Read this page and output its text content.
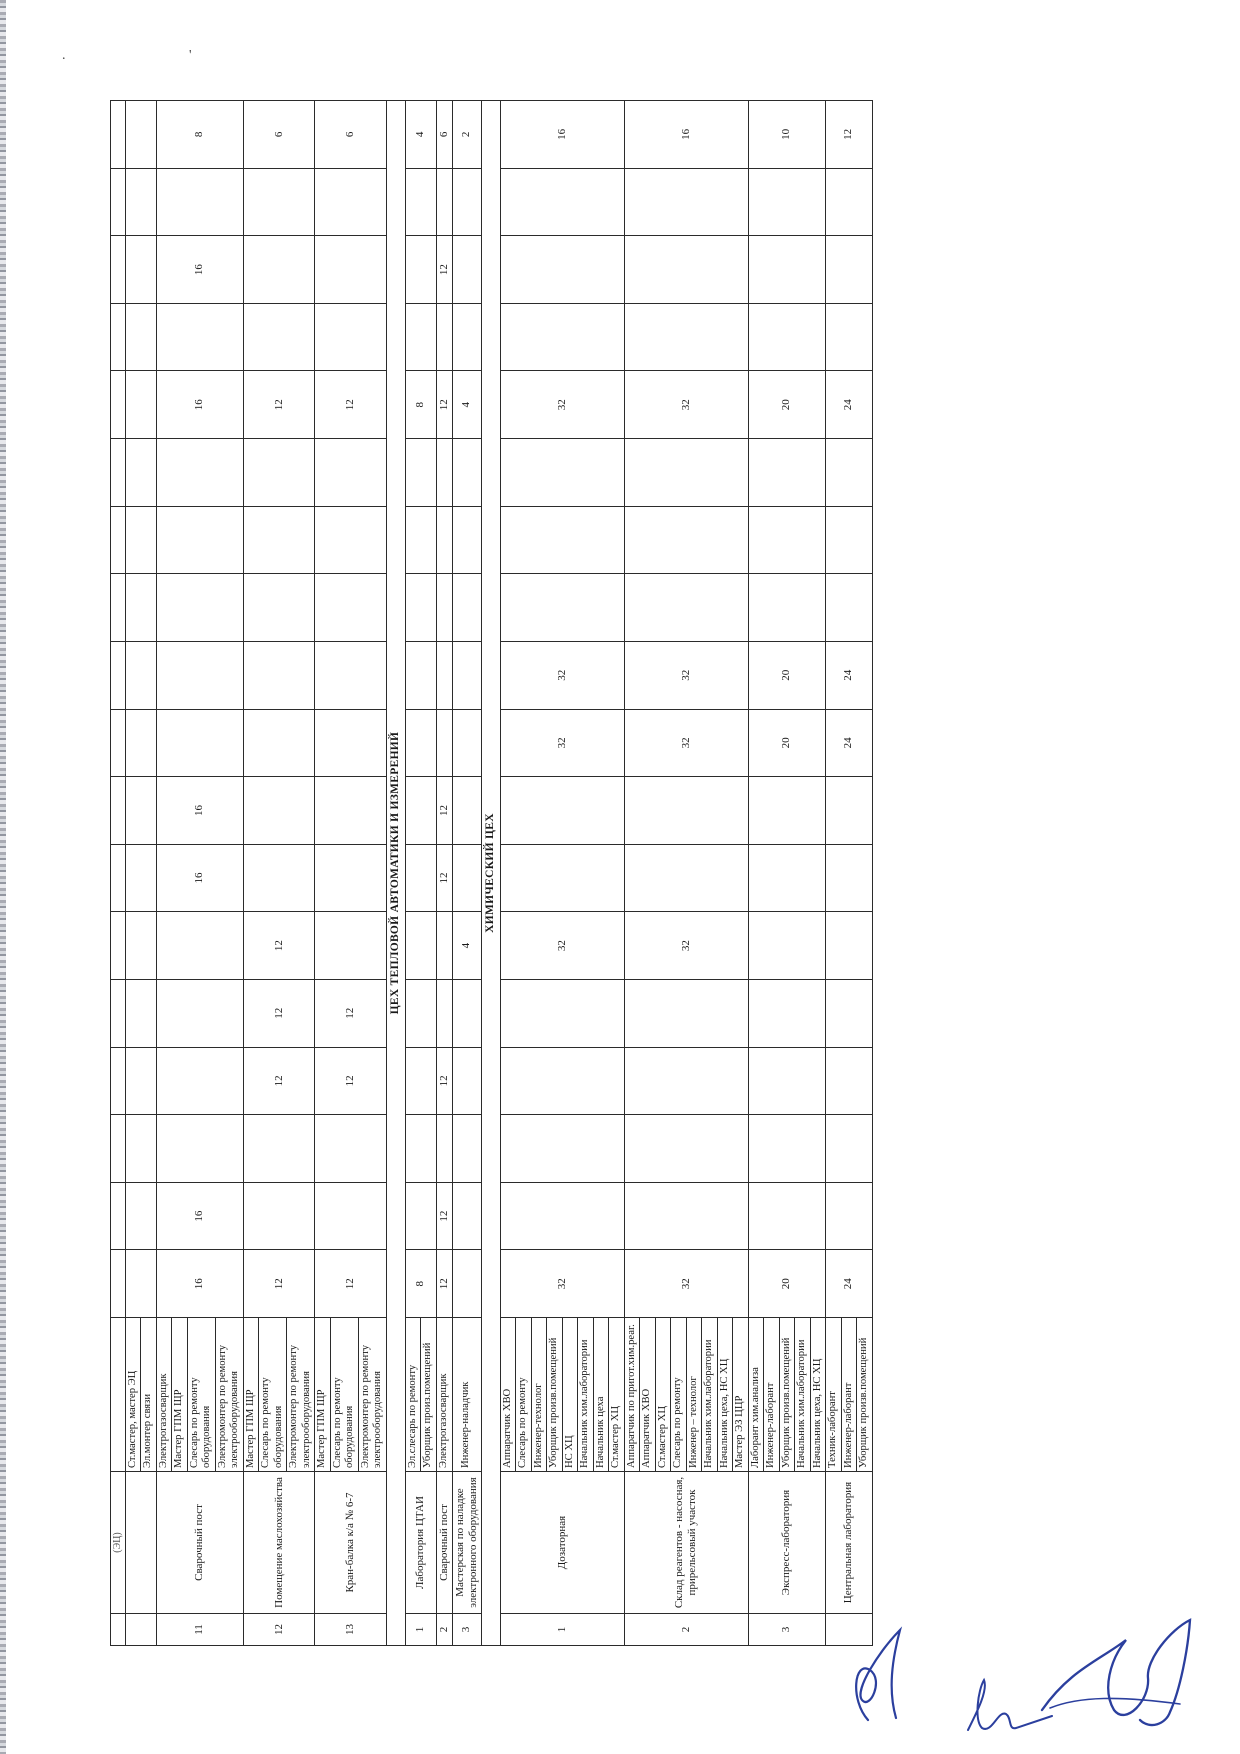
. '
	(ЭЦ)																			
		Ст.мастер, мастер ЭЦ																		
		Эл.монтер связи																		
11	Сварочный пост	Электрогазосварщик	16	16					16	16						16		16		8
		Мастер ГПМ ЩР																		
		Слесарь по ремонту оборудования																		
		Электромонтер по ремонту электрооборудования																		
12	Помещение маслохозяйства	Мастер ГПМ ЩР	12			12	12	12								12				6
		Слесарь по ремонту оборудования																		
		Электромонтер по ремонту электрооборудования																		
13	Кран-балка к/а № 6-7	Мастер ГПМ ЩР	12			12	12									12				6
		Слесарь по ремонту оборудования																		
		Электромонтер по ремонту электрооборудования																		
ЦЕХ ТЕПЛОВОЙ АВТОМАТИКИ И ИЗМЕРЕНИЙ																				
1	Лаборатория ЦТАИ	Эл.слесарь по ремонту	8													8				4
		Уборщик произ.помещений																		
2	Сварочный пост	Электрогазосварщик	12	12		12			12	12						12		12		6
3	Мастерская по наладке электронного оборудования	Инженер-наладчик						4								4				2
ХИМИЧЕСКИЙ ЦЕХ																				
1	Дозаторная	Аппаратчик ХВО	32					32			32	32				32				16
		Слесарь по ремонту																		
		Инженер-технолог																		
		Уборщик произв.помещений																		
		НС ХЦ																		
		Начальник хим.лаборатории																		
		Начальник цеха																		
		Ст.мастер ХЦ																		
2	Склад реагентов - насосная, прирельсовый участок	Аппаратчик по пригот.хим.реаг.	32					32			32	32				32				16
		Аппаратчик ХВО																		
		Ст.мастер ХЦ																		
		Слесарь по ремонту																		
		Инженер – технолог																		
		Начальник хим.лаборатории																		
		Начальник цеха, НС ХЦ																		
		Мастер ЭЗ ЦЦР																		
3	Экспресс-лаборатория	Лаборант хим.анализа	20								20	20				20				10
		Инженер-лаборант																		
		Уборщик произв.помещений																		
		Начальник хим.лаборатории																		
		Начальник цеха, НС ХЦ																		
	Центральная лаборатория	Техник-лаборант	24								24	24				24				12
		Инженер-лаборант																		
		Уборщик произв.помещений																		
